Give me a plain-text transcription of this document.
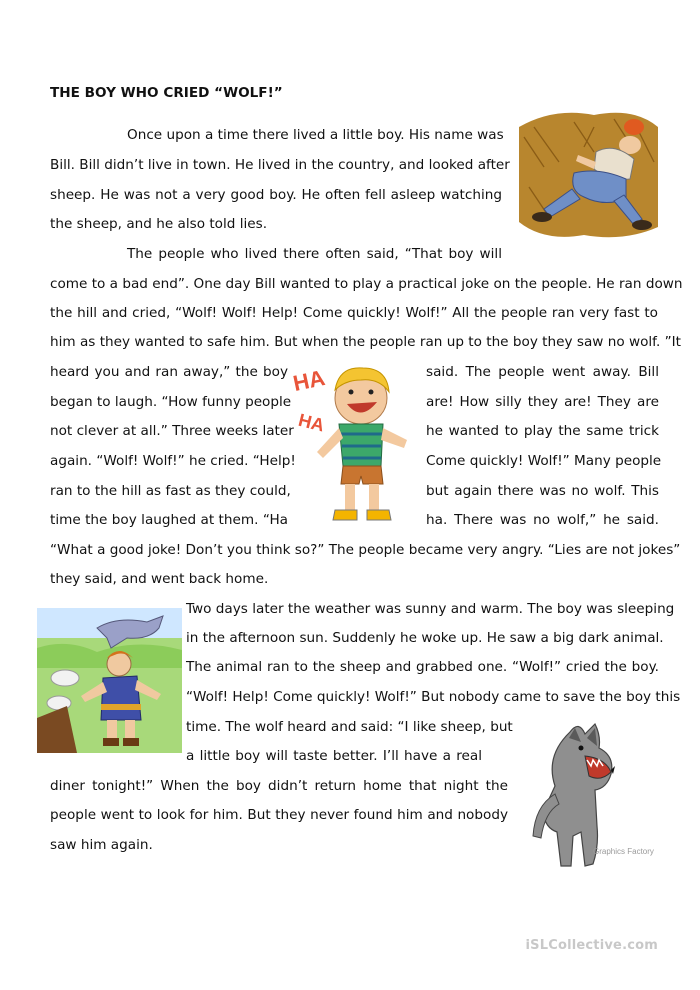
THE BOY WHO CRIED “WOLF!”
Once upon a time there lived a little boy. His name was
Bill. Bill didn’t live in town. He lived in the country, and looked after
sheep. He was not a very good boy. He often fell asleep watching
the sheep, and he also told lies.
The people who lived there often said, “That boy will
come to a bad end”. One day Bill wanted to play a practical joke on the people. He ran down
the hill and cried, “Wolf! Wolf! Help! Come quickly! Wolf!” All the people ran very fast to
him as they wanted to safe him. But when the people ran up to the boy they saw no wolf. ”It
heard you and ran away,” the boy	said. The people went away. Bill
began to laugh. “How funny people	are! How silly they are! They are
not clever at all.” Three weeks later	he wanted to play the same trick
again. “Wolf! Wolf!” he cried. “Help!	Come quickly! Wolf!” Many people
ran to the hill as fast as they could,	but again there was no wolf. This
time the boy laughed at them. “Ha	ha. There was no wolf,” he said.
“What a good joke! Don’t you think so?” The people became very angry. “Lies are not jokes”
they said, and went back home.
Two days later the weather was sunny and warm. The boy was sleeping
in the afternoon sun. Suddenly he woke up. He saw a big dark animal.
The animal ran to the sheep and grabbed one. “Wolf!” cried the boy.
“Wolf! Help! Come quickly! Wolf!” But nobody came to save the boy this
time. The wolf heard and said: “I like sheep, but
a little boy will taste better. I’ll have a real
diner tonight!” When the boy didn’t return home that night the
people went to look for him. But they never found him and nobody
saw him again.
HA
HA
Graphics Factory
iSLCollective.com
